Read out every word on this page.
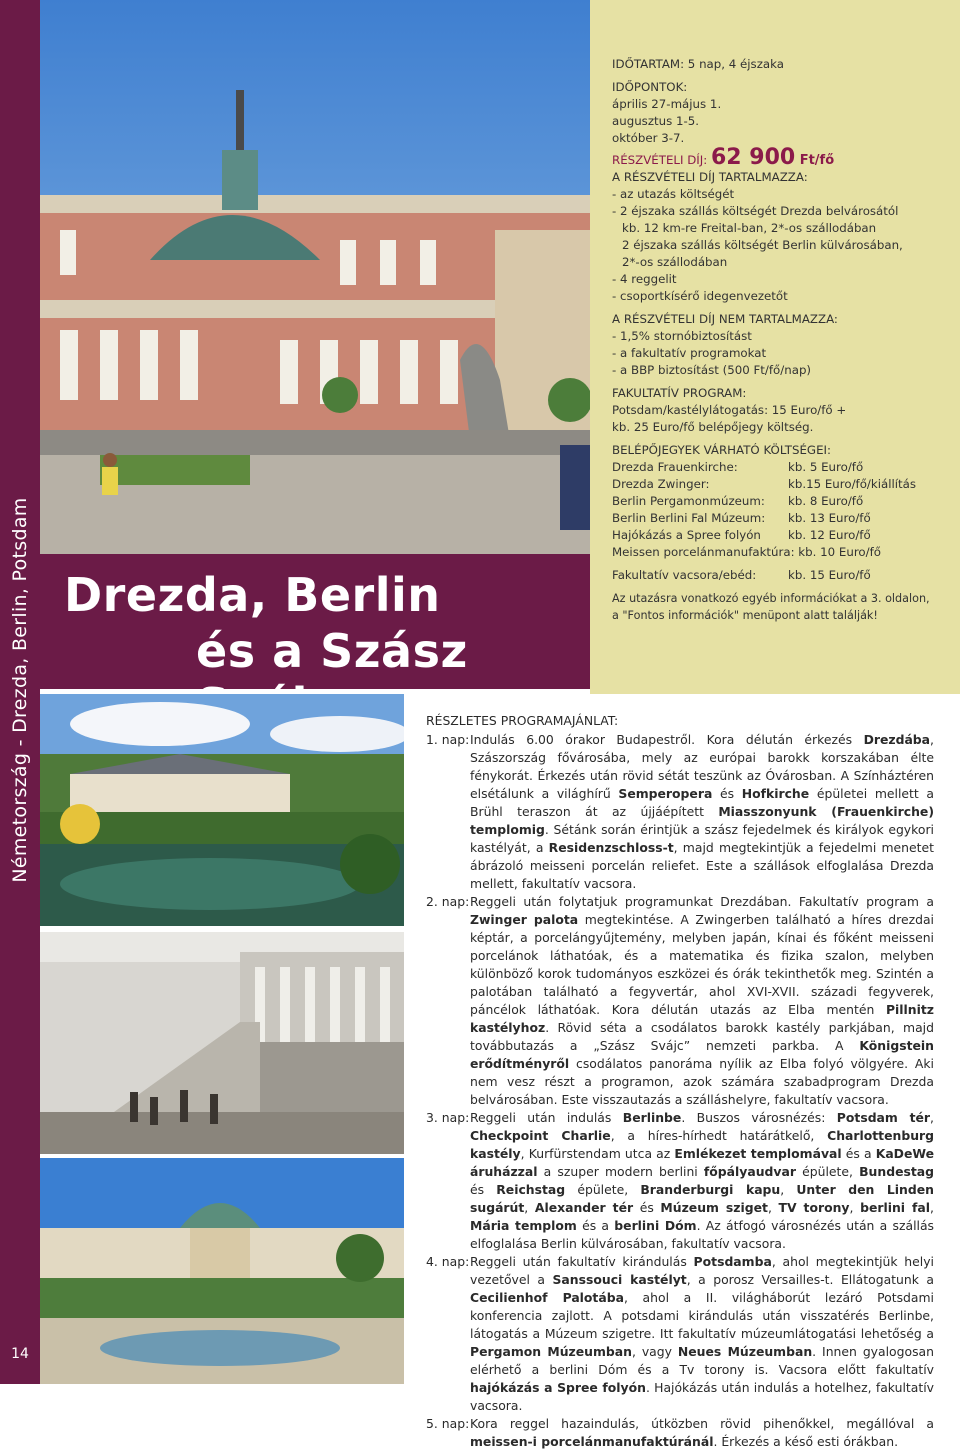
Németország - Drezda, Berlin, Potsdam
14
Drezda, Berlin
és a Szász
IDŐTARTAM: 5 nap, 4 éjszaka
IDŐPONTOK:
április 27-május 1.
augusztus 1-5.
október 3-7.
RÉSZVÉTELI DÍJ: 62 900 Ft/fő
A RÉSZVÉTELI DÍJ TARTALMAZZA:
- az utazás költségét
- 2 éjszaka szállás költségét Drezda belvárosától
kb. 12 km-re Freital-ban, 2*-os szállodában
2 éjszaka szállás költségét Berlin külvárosában,
2*-os szállodában
- 4 reggelit
- csoportkísérő idegenvezetőt
A RÉSZVÉTELI DÍJ NEM TARTALMAZZA:
- 1,5% stornóbiztosítást
- a fakultatív programokat
- a BBP biztosítást (500 Ft/fő/nap)
FAKULTATÍV PROGRAM:
Potsdam/kastélylátogatás: 15 Euro/fő +
kb. 25 Euro/fő belépőjegy költség.
BELÉPŐJEGYEK VÁRHATÓ KÖLTSÉGEI:
Drezda Frauenkirche:	kb. 5 Euro/fő
Drezda Zwinger:	kb.15 Euro/fő/kiállítás
Berlin Pergamonmúzeum:	kb. 8 Euro/fő
Berlin Berlini Fal Múzeum:	kb. 13 Euro/fő
Hajókázás a Spree folyón	kb. 12 Euro/fő
Meissen porcelánmanufaktúra: kb. 10 Euro/fő
Fakultatív vacsora/ebéd:	kb. 15 Euro/fő
Az utazásra vonatkozó egyéb információkat a 3. oldalon,
a "Fontos információk" menüpont alatt találják!
RÉSZLETES PROGRAMAJÁNLAT:
1. nap: Indulás 6.00 órakor Budapestről. Kora délután érkezés Drezdába, Szászország fővárosába, mely az európai barokk korszakában élte fénykorát. Érkezés után rövid sétát teszünk az Óvárosban. A Színháztéren elsétálunk a világhírű Semperopera és Hofkirche épületei mellett a Brühl teraszon át az újjáépített Miasszonyunk (Frauenkirche) templomig. Sétánk során érintjük a szász fejedelmek és királyok egykori kastélyát, a Residenzschloss-t, majd megtekintjük a fejedelmi menetet ábrázoló meisseni porcelán reliefet. Este a szállások elfoglalása Drezda mellett, fakultatív vacsora.
2. nap: Reggeli után folytatjuk programunkat Drezdában. Fakultatív program a Zwinger palota megtekintése. A Zwingerben található a híres drezdai képtár, a porcelángyűjtemény, melyben japán, kínai és főként meisseni porcelánok láthatóak, és a matematika és fizika szalon, melyben különböző korok tudományos eszközei és órák tekinthetők meg. Szintén a palotában található a fegyvertár, ahol XVI-XVII. századi fegyverek, páncélok láthatóak. Kora délután utazás az Elba mentén Pillnitz kastélyhoz. Rövid séta a csodálatos barokk kastély parkjában, majd továbbutazás a „Szász Svájc” nemzeti parkba. A Königstein erődítményről csodálatos panoráma nyílik az Elba folyó völgyére. Aki nem vesz részt a programon, azok számára szabadprogram Drezda belvárosában. Este visszautazás a szálláshelyre, fakultatív vacsora.
3. nap: Reggeli után indulás Berlinbe. Buszos városnézés: Potsdam tér, Checkpoint Charlie, a híres-hírhedt határátkelő, Charlottenburg kastély, Kurfürstendam utca az Emlékezet templomával és a KaDeWe áruházzal a szuper modern berlini főpályaudvar épülete, Bundestag és Reichstag épülete, Branderburgi kapu, Unter den Linden sugárút, Alexander tér és Múzeum sziget, TV torony, berlini fal, Mária templom és a berlini Dóm. Az átfogó városnézés után a szállás elfoglalása Berlin külvárosában, fakultatív vacsora.
4. nap: Reggeli után fakultatív kirándulás Potsdamba, ahol megtekintjük helyi vezetővel a Sanssouci kastélyt, a porosz Versailles-t. Ellátogatunk a Cecilienhof Palotába, ahol a II. világháborút lezáró Potsdami konferencia zajlott. A potsdami kirándulás után visszatérés Berlinbe, látogatás a Múzeum szigetre. Itt fakultatív múzeumlátogatási lehetőség a Pergamon Múzeumban, vagy Neues Múzeumban. Innen gyalogosan elérhető a berlini Dóm és a Tv torony is. Vacsora előtt fakultatív hajókázás a Spree folyón. Hajókázás után indulás a hotelhez, fakultatív vacsora.
5. nap: Kora reggel hazaindulás, útközben rövid pihenőkkel, megállóval a meissen-i porcelánmanufaktúránál. Érkezés a késő esti órákban.
